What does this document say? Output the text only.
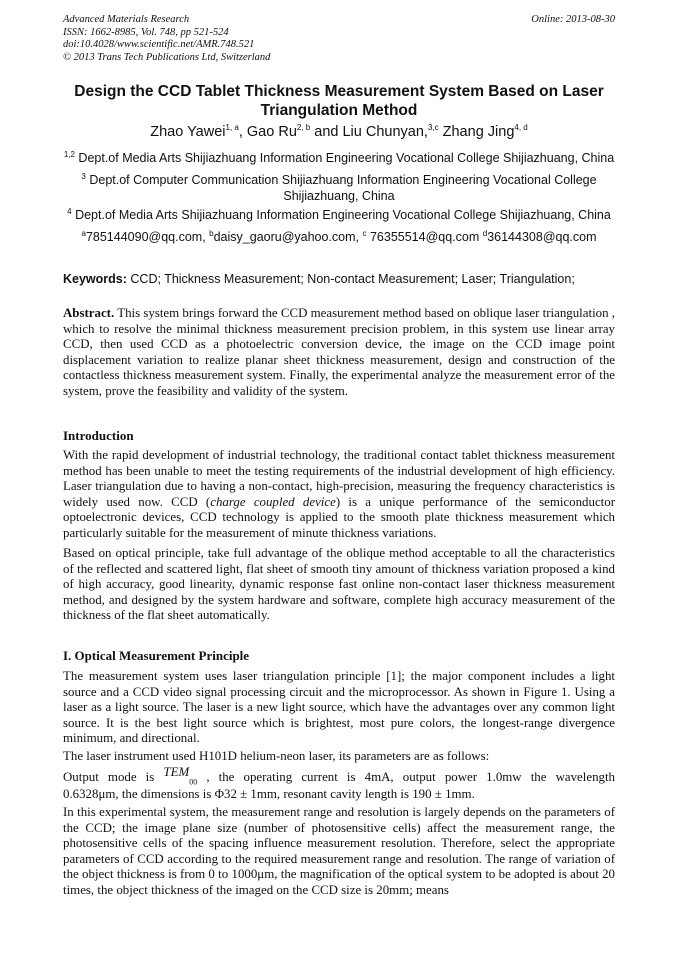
Advanced Materials Research
ISSN: 1662-8985, Vol. 748, pp 521-524
doi:10.4028/www.scientific.net/AMR.748.521
© 2013 Trans Tech Publications Ltd, Switzerland
Online: 2013-08-30
Design the CCD Tablet Thickness Measurement System Based on Laser
Triangulation Method
Zhao Yawei$^{1, a}$, Gao Ru$^{2, b}$ and Liu Chunyan,$^{3,c}$ Zhang Jing$^{4, d}$
$^{1,2}$ Dept.of Media Arts Shijiazhuang Information Engineering Vocational College Shijiazhuang, China
$^3$ Dept.of Computer Communication Shijiazhuang Information Engineering Vocational College Shijiazhuang, China
$^4$ Dept.of Media Arts Shijiazhuang Information Engineering Vocational College Shijiazhuang, China
$^a$785144090@qq.com, $^b$daisy_gaoru@yahoo.com, $^c$ 76355514@qq.com $^d$36144308@qq.com
Keywords: CCD; Thickness Measurement; Non-contact Measurement; Laser; Triangulation;

Abstract. This system brings forward the CCD measurement method based on oblique laser triangulation , which to resolve the minimal thickness measurement precision problem, in this system use linear array CCD, then used CCD as a photoelectric conversion device, the image on the CCD image point displacement variation to realize planar sheet thickness measurement, design and construction of the contactless thickness measurement system. Finally, the experimental analyze the measurement error of the system, prove the feasibility and validity of the system.

Introduction

With the rapid development of industrial technology, the traditional contact tablet thickness measurement method has been unable to meet the testing requirements of the industrial development of high efficiency. Laser triangulation due to having a non-contact, high-precision, measuring the frequency characteristics is widely used now. CCD (charge coupled device) is a unique performance of the semiconductor optoelectronic devices, CCD technology is applied to the smooth plate thickness measurement which particularly suitable for the measurement of minute thickness variations.

Based on optical principle, take full advantage of the oblique method acceptable to all the characteristics of the reflected and scattered light, flat sheet of smooth tiny amount of thickness variation proposed a kind of high accuracy, good linearity, dynamic response fast online non-contact laser thickness measurement method, and designed by the system hardware and software, complete high accuracy measurement of the thickness of the flat sheet automatically.

I. Optical Measurement Principle

The measurement system uses laser triangulation principle [1]; the major component includes a light source and a CCD video signal processing circuit and the microprocessor. As shown in Figure 1. Using a laser as a light source. The laser is a new light source, which have the advantages over any common light source. It is the best light source which is brightest, most pure colors, the longest-range divergence minimum, and directional.

The laser instrument used H101D helium-neon laser, its parameters are as follows:

Output mode is $TEM_{00}$ , the operating current is 4mA, output power 1.0mw the wavelength

0.6328μm, the dimensions is Φ32 ± 1mm, resonant cavity length is 190 ± 1mm.

In this experimental system, the measurement range and resolution is largely depends on the parameters of the CCD; the image plane size (number of photosensitive cells) affect the measurement range, the photosensitive cells of the spacing influence measurement resolution. Therefore, select the appropriate parameters of CCD according to the required measurement range and resolution. The range of variation of the object thickness is from 0 to 1000μm, the magnification of the optical system to be adopted is about 20 times, the object thickness of the imaged on the CCD size is 20mm; means
